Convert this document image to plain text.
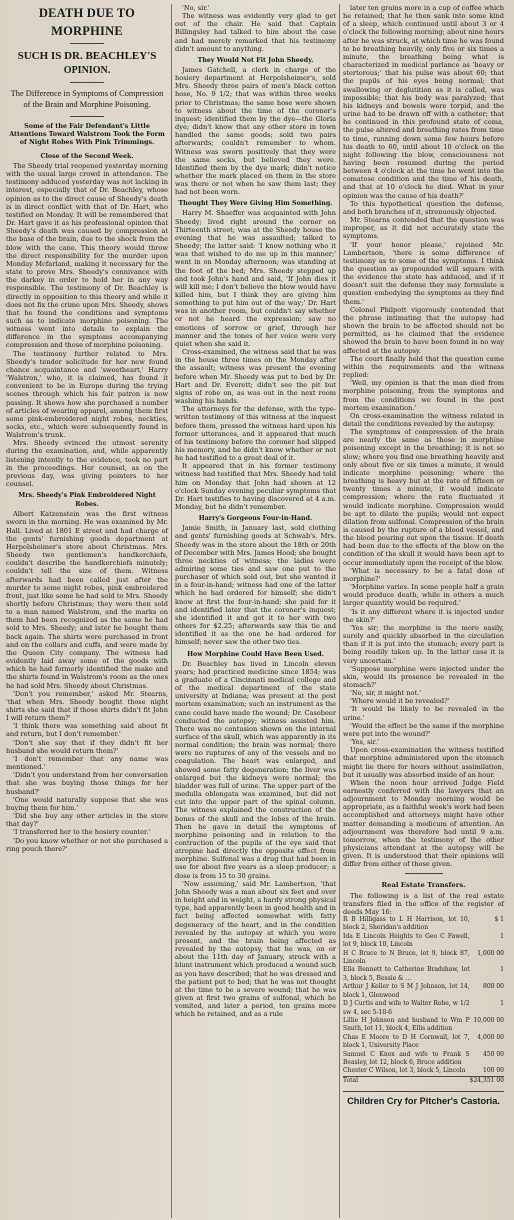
DEATH DUE TO MORPHINE
SUCH IS DR. BEACHLEY'S
OPINION.
The Difference in Symptoms of Compression of the Brain and Morphine Poisoning.
Some of the Fair Defendant's Little Attentions Toward Walstrom Took the Form of Night Robes With Pink Trimmings.
Close of the Second Week.

The Sheedy trial reopened yesterday morning with the usual large crowd in attendance. The testimony adduced yesterday was not lacking in interest, especially that of Dr. Beachley, whose opinion as to the direct cause of Sheedy's death is in direct conflict with that of Dr. Hart, who testified on Monday. It will be remembered that Dr. Hart gave it as his professional opinion that Sheedy's death was caused by compression at the base of the brain, due to the shock from the blow with the cane. This theory would throw the direct responsibility for the murder upon Monday Mcfarland, making it necessary for the state to prove Mrs. Sheedy's connivance with the darkey in order to hold her in any way responsible. The testimony of Dr. Beachley is directly in opposition to this theory and while it does not fix the crime upon Mrs. Sheedy, shows that he found the conditions and symptoms such as to indicate morphine poisoning. The witness went into details to explain the difference in the symptoms accompanying compression and those of morphine poisoning.

The testimony further related to Mrs. Sheedy's tender solicitude for her new found chance acquaintance and 'sweetheart,' Harry 'Walstron,' who, it is claimed, has found it convenient to be in Europe during the trying scenes through which his fair patron is now passing. It shows how she purchased a number of articles of wearing apparel, among them first some pink-embroidered night robes, neckties, socks, etc., which were subsequently found in Walstrom's trunk.

Mrs. Sheedy evinced the utmost serenity during the examination, and, while apparently listening intently to the evidence, took no part in the proceedings. Her counsel, as on the previous day, was giving pointers to her counsel.

Mrs. Sheedy's Pink Embroidered Night Robes.

Albert Katzenstein was the first witness sworn in the morning. He was examined by Mr. Hall. Lived at 1801 E street and had charge of the gents' furnishing goods department at Herpolsheimer's store about Christmas. Mrs. Sheedy two gentlemen's handkerchiefs, couldn't describe the handkerchiefs minutely; couldn't tell the size of them. Witness afterwards had been called just after the murder to some night robes, pink embroidered front, just like some he had sold to Mrs. Sheedy shortly before Christmas; they were then sold to a man named Walstrom, and the marks on them had been recognized as the same he had sold to Mrs. Sheedy; and later he bought them back again. The shirts were purchased in front and on the collars and cuffs, and were made by the Queen City company. The witness had evidently laid away some of the goods with which he had formerly identified the make and the shirts found in Walstrom's room as the ones he had sold Mrs. Sheedy about Christmas.

'Don't you remember,' asked Mr. Stearns, 'that when Mrs. Sheedy bought those night shirts she said that if those shirts didn't fit John I will return them?'

'I think there was something said about fit and return, but I don't remember.'

'Don't she say that if they didn't fit her husband she would return them?'

'I don't remember that any name was mentioned.'

'Didn't you understand from her conversation that she was buying those things for her husband?'

'One would naturally suppose that she was buying them for him.'

'Did she buy any other articles in the store that day?'

'I transferred her to the hosiery counter.'

'Do you know whether or not she purchased a ring pouch there?'

'No, sir.'

The witness was evidently very glad to get out of the chair. He said that Captain Billingsley had talked to him about the case and had merely remarked that his testimony didn't amount to anything.

They Would Not Fit John Sheedy.

James Gatchell, a clerk in charge of the hosiery department at Herpolsheimer's, sold Mrs. Sheedy three pairs of men's black cotton hose, No. 9 1/2; that was within three weeks prior to Christmas; the same hose were shown to witness about the time of the coroner's inquest; identified them by the dye—the Gloria dye; didn't know that any other store in town handled the same goods; sold two pairs afterwards; couldn't remember to whom. Witness was sworn positively that they were the same socks, but believed they were. Identified them by the dye mark; didn't notice whether the mark placed on them in the store was there or not when he saw them last; they had not been worn.

Thought They Were Giving Him Something.

Harry M. Shaeffer was acquainted with John Sheedy; lived right around the corner on Thirteenth street; was at the Sheedy house the evening that he was assaulted; talked to Sheedy; the latter said: 'I know nothing who it was that wished to do me up in this manner;' went in on Monday afternoon; was standing at the foot of the bed; Mrs. Sheedy stepped up and took John's hand and said, 'If John dies it will kill me; I don't believe the blow would have killed him, but I think they are giving him something to put him out of the way;' Dr. Hart was in another room, but couldn't say whether or not he heard the expression; saw no emotions of sorrow or grief, through her manner and the tones of her voice were very quiet when she said it.

Cross-examined, the witness said that he was in the house three times on the Monday after the assault; witness was present the evening before when Mr. Sheedy was put to bed by Dr. Hart and Dr. Everett; didn't see the pit but signs of robe on, as was out in the next room washing his hands.

The attorneys for the defense, with the type-written testimony of this witness at the inquest before them, pressed the witness hard upon his former utterances, and it appeared that much of his testimony before the coroner had slipped his memory, and he didn't know whether or not he had testified to a great deal of it.

It appeared that in his former testimony witness had testified that Mrs. Sheedy had told him on Monday that John had shown at 12 o'clock Sunday evening peculiar symptoms that Dr. Hart testifies to having discovered at 4 a.m. Monday, but he didn't remember.

Harry's Gorgeous Four-in-Hand.

Jamie Smith, in January last, sold clothing and gents' furnishing goods at Schwab's. Mrs. Sheedy was in the store about the 18th or 20th of December with Mrs. James Hood; she bought three neckties of witness; the ladies were admiring some ties and saw one put to the purchaser of which sold out, but she wanted it in a four-in-hand; witness had one of the latter which he had ordered for himself; she didn't know at first the four-in-hand; she paid for it and identified later that the coroner's inquest; she identified it and got it to her with two others for $2.25; afterwards saw this tie and identified it as the one he had ordered for himself; never saw the other two ties.

How Morphine Could Have Been Used.

Dr. Beachley has lived in Lincoln eleven years; had practiced medicine since 1854; was a graduate of a Cincinnati medical college and of the medical department of the state university at Indiana; was present at the post mortem examination; such an instrument as the cane could have made the wound; Dr. Casebeer conducted the autopsy; witness assisted him. There was no contusion shown on the internal surface of the skull, which was apparently in its normal condition; the brain was normal; there were no ruptures of any of the vessels and no coagulation. The heart was enlarged, and showed some fatty degeneration; the liver was enlarged but the kidneys were normal; the bladder was full of urine. The upper part of the medulla oblongata was examined, but did not cut into the upper part of the spinal column. The witness explained the construction of the bones of the skull and the lobes of the brain. Then he gave in detail the symptoms of morphine poisoning and in relation to the contraction of the pupils of the eye said that atropine had directly the opposite effect from morphine. Sulfonal was a drug that had been in use for about five years as a sleep producer; a dose is from 15 to 30 grains.

'Now assuming,' said Mr. Lambertson, 'that John Sheedy was a man about six feet and over in height and in weight, a hardy strong physical type, had apparently been in good health and in fact being affected somewhat with fatty degeneracy of the heart, and in the condition revealed by the autopsy at which you were present, and the brain being affected as revealed by the autopsy, that he was, on or about the 11th day of January, struck with a blunt instrument which produced a wound such as you have described; that he was dressed and the patient put to bed; that he was not thought at the time to be a severe wound; that he was given at first two grains of sulfonal, which he vomited, and later a period, ten grains more which he retained, and as a rule

later ten grains more in a cup of coffee which he retained; that he then sank into some kind of a sleep, which continued until about 3 or 4 o'clock the following morning; about nine hours after he was struck, at which time he was found to be breathing heavily, only five or six times a minute, the breathing being what is characterized in medical parlance as 'heavy or stertorous;' that his pulse was about 60; that the pupils of his eyes being normal; that swallowing or deglutition as it is called, was impossible; that his body was paralyzed; that his kidneys and bowels were torpid, and the urine had to be drawn off with a catheter; that he continued in this profound state of coma, the pulse altered and breathing rates from time to time, running down some few hours before his death to 60, until about 10 o'clock on the night following the blow, consciousness not having been resumed during the period between 4 o'clock at the time he went into the comatose condition and the time of his death, and that at 10 o'clock he died. What in your opinion was the cause of his death?'

To this hypothetical question the defense, and both branches of it, strenuously objected.

Mr. Stearns contended that the question was improper, as it did not accurately state the symptoms.

'If your honor please,' rejoined Mr. Lambertson, 'there is some difference of testimony as to some of the symptoms. I think the question as propounded will square with the evidence the state has adduced, and if it doesn't suit the defense they may formulate a question embodying the symptoms as they find them.'

Colonel Philpott vigorously contended that the phrase intimating that the autopsy had shown the brain to be affected should not be permitted, as he claimed that the evidence showed the brain to have been found in no way affected at the autopsy.

The court finally held that the question came within the requirements and the witness replied:

'Well, my opinion is that the man died from morphine poisoning, from the symptoms and from the conditions we found in the post mortem examination.'

On cross-examination the witness related in detail the conditions revealed by the autopsy.

The symptoms of compression of the brain are nearly the same as those in morphine poisoning except in the breathing; it is not so slow; where you find one breathing heavily and only about five or six times a minute, it would indicate morphine poisoning; where the breathing is heavy but at the rate of fifteen or twenty times a minute, it would indicate compression; where the rate fluctuated it would indicate morphine. Compression would be apt to dilate the pupils; would not expect dilation from sulfonal. Compression of the brain is caused by the rupture of a blood vessel, and the blood pouring out upon the tissue. If death had been due to the effects of the blow on the condition of the skull it would have been apt to occur immediately upon the receipt of the blow.

'What is necessary to be a fatal dose of morphine?'

'Morphine varies. In some people half a grain would produce death, while in others a much larger quantity would be required.'

'Is it any different where it is injected under the skin?'

'Yes sir; the morphine is the more easily, surely and quickly absorbed in the circulation than if it is put into the stomach; every part is being readily taken up. In the latter case it is very uncertain.'

'Suppose morphine were injected under the skin, would its presence be revealed in the stomach?'

'No, sir, it might not.'

'Where would it be revealed?'

'It would be likely to be revealed in the urine.'

'Would the effect be the same if the morphine were put into the wound?'

'Yes, sir.'

Upon cross-examination the witness testified that morphine administered upon the stomach might lie there for hours without assimilation, but it usually was absorbed inside of an hour.

When the noon hour arrived Judge Field earnestly conferred with the lawyers that an adjournment to Monday morning would be appropriate, as a faithful week's work had been accomplished and attorneys might have other matter demanding a modicum of attention. An adjournment was therefore had until 9 a.m. tomorrow, when the testimony of the other physicians attendant at the autopsy will be given. It is understood that their opinions will differ from either of those given.

Real Estate Transfers.

The following is a list of the real estate transfers filed in the office of the register of deeds May 16:

R B Hilligass to L H Harrison, lot 10, block 2, Sheridan's addition	$ 1
Ida E Lincoln Heights to Geo C Fawell, lot 9, block 10, Lincoln	1
H C Bruce to N Bruce, lot 9, block 87, Lincoln	1,000 00
Ella Bennett to Catherine Bradshaw, lot 3, block 5, Bessie & ...	1
Arthur J Keller to S M J Johnson, lot 14, block 1, Glenwood	800 00
D J Curtis and wife to Walter Rohe, w 1/2 sw 4, sec 5-10-6	1
Lillie H Johnson and husband to Wm P Smith, lot 11, block 4, Ellis addition	10,000 00
Chas E Moore to D H Cornwall, lot 7, block 1, University Place	4,000 00
Samuel C Knox and wife to Frank S Beasley, lot 12, block 6, Bruce addition	450 00
Chester C Wilson, lot 3, block 5, Lincoln	100 00
Total	$24,351 00
Children Cry for Pitcher's Castoria.
